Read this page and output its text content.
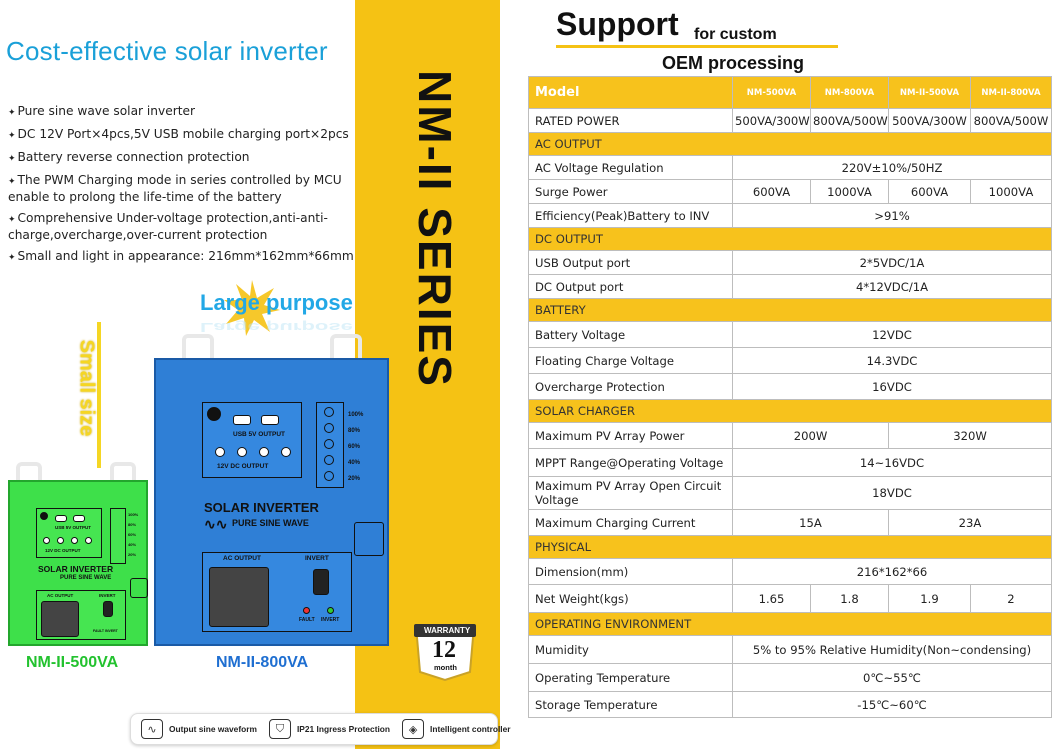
Cost-effective solar inverter
✦ Pure sine wave solar inverter
✦ DC 12V Port×4pcs,5V USB mobile charging port×2pcs
✦ Battery reverse connection protection
✦ The PWM Charging mode in series controlled by MCU enable to prolong the life-time of the battery
✦ Comprehensive Under-voltage protection,anti-anti-charge,overcharge,over-current protection
✦ Small and light in appearance: 216mm*162mm*66mm NM-II SERIES
Large purpose
Large purpose
Small size	USB 5V OUTPUT
12V DC OUTPUT
100%
80%
60%
40%
20%
SOLAR INVERTER
∿∿ PURE SINE WAVE
AC OUTPUT	INVERT
FAULT INVERT
USB 5V OUTPUT
12V DC OUTPUT
100%
80%
60%
40%
20%
SOLAR INVERTER
PURE SINE WAVE
AC OUTPUT	INVERT
FAULT INVERT
NM-II-500VA	NM-II-800VA
WARRANTY
12
month
∿	Output sine waveform	⛉	IP21 Ingress Protection	◈	Intelligent controller
Support for custom
OEM processing
Model	NM-500VA	NM-800VA	NM-II-500VA	NM-II-800VA
RATED POWER	500VA/300W	800VA/500W	500VA/300W	800VA/500W
AC OUTPUT				
AC Voltage Regulation	220V±10%/50HZ			
Surge Power	600VA	1000VA	600VA	1000VA
Efficiency(Peak)Battery to INV	>91%			
DC OUTPUT				
USB Output port	2*5VDC/1A			
DC Output port	4*12VDC/1A			
BATTERY				
Battery Voltage	12VDC			
Floating Charge Voltage	14.3VDC			
Overcharge Protection	16VDC			
SOLAR CHARGER				
Maximum PV Array Power	200W		320W	
MPPT Range@Operating Voltage	14~16VDC			
Maximum PV Array Open Circuit Voltage	18VDC			
Maximum Charging Current	15A		23A	
PHYSICAL				
Dimension(mm)	216*162*66			
Net Weight(kgs)	1.65	1.8	1.9	2
OPERATING ENVIRONMENT				
Mumidity	5% to 95% Relative Humidity(Non~condensing)			
Operating Temperature	0℃~55℃			
Storage Temperature	-15℃~60℃			
